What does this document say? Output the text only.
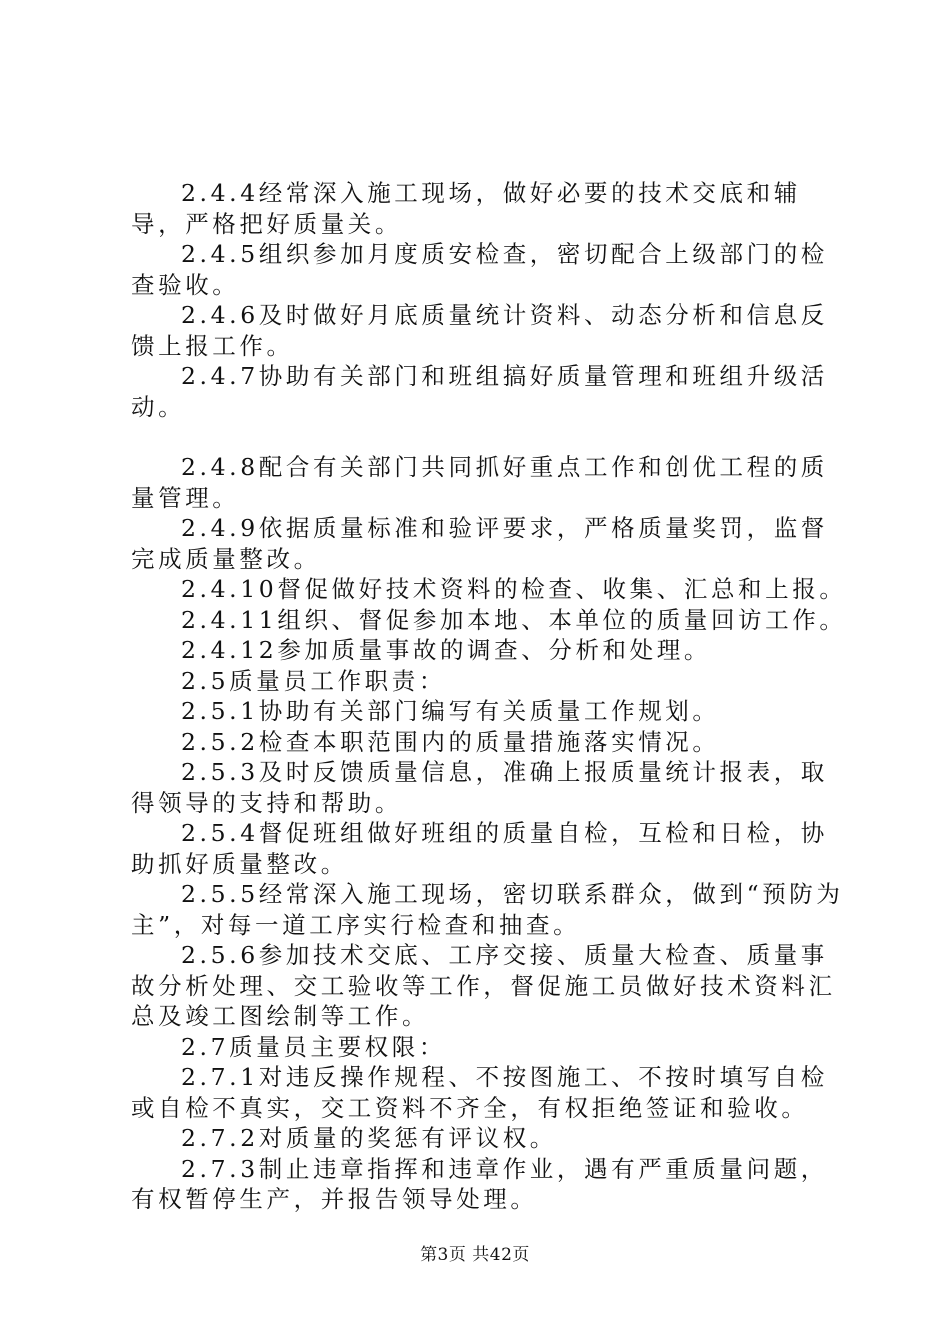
2.4.4经常深入施工现场，做好必要的技术交底和辅导，严格把好质量关。

2.4.5组织参加月度质安检查，密切配合上级部门的检查验收。

2.4.6及时做好月底质量统计资料、动态分析和信息反馈上报工作。

2.4.7协助有关部门和班组搞好质量管理和班组升级活动。

2.4.8配合有关部门共同抓好重点工作和创优工程的质量管理。

2.4.9依据质量标准和验评要求，严格质量奖罚，监督完成质量整改。

2.4.10督促做好技术资料的检查、收集、汇总和上报。

2.4.11组织、督促参加本地、本单位的质量回访工作。

2.4.12参加质量事故的调查、分析和处理。

2.5质量员工作职责：

2.5.1协助有关部门编写有关质量工作规划。

2.5.2检查本职范围内的质量措施落实情况。

2.5.3及时反馈质量信息，准确上报质量统计报表，取得领导的支持和帮助。

2.5.4督促班组做好班组的质量自检，互检和日检，协助抓好质量整改。

2.5.5经常深入施工现场，密切联系群众，做到“预防为主”，对每一道工序实行检查和抽查。

2.5.6参加技术交底、工序交接、质量大检查、质量事故分析处理、交工验收等工作，督促施工员做好技术资料汇总及竣工图绘制等工作。

2.7质量员主要权限：

2.7.1对违反操作规程、不按图施工、不按时填写自检或自检不真实，交工资料不齐全，有权拒绝签证和验收。

2.7.2对质量的奖惩有评议权。

2.7.3制止违章指挥和违章作业，遇有严重质量问题，有权暂停生产，并报告领导处理。

第3页 共42页
